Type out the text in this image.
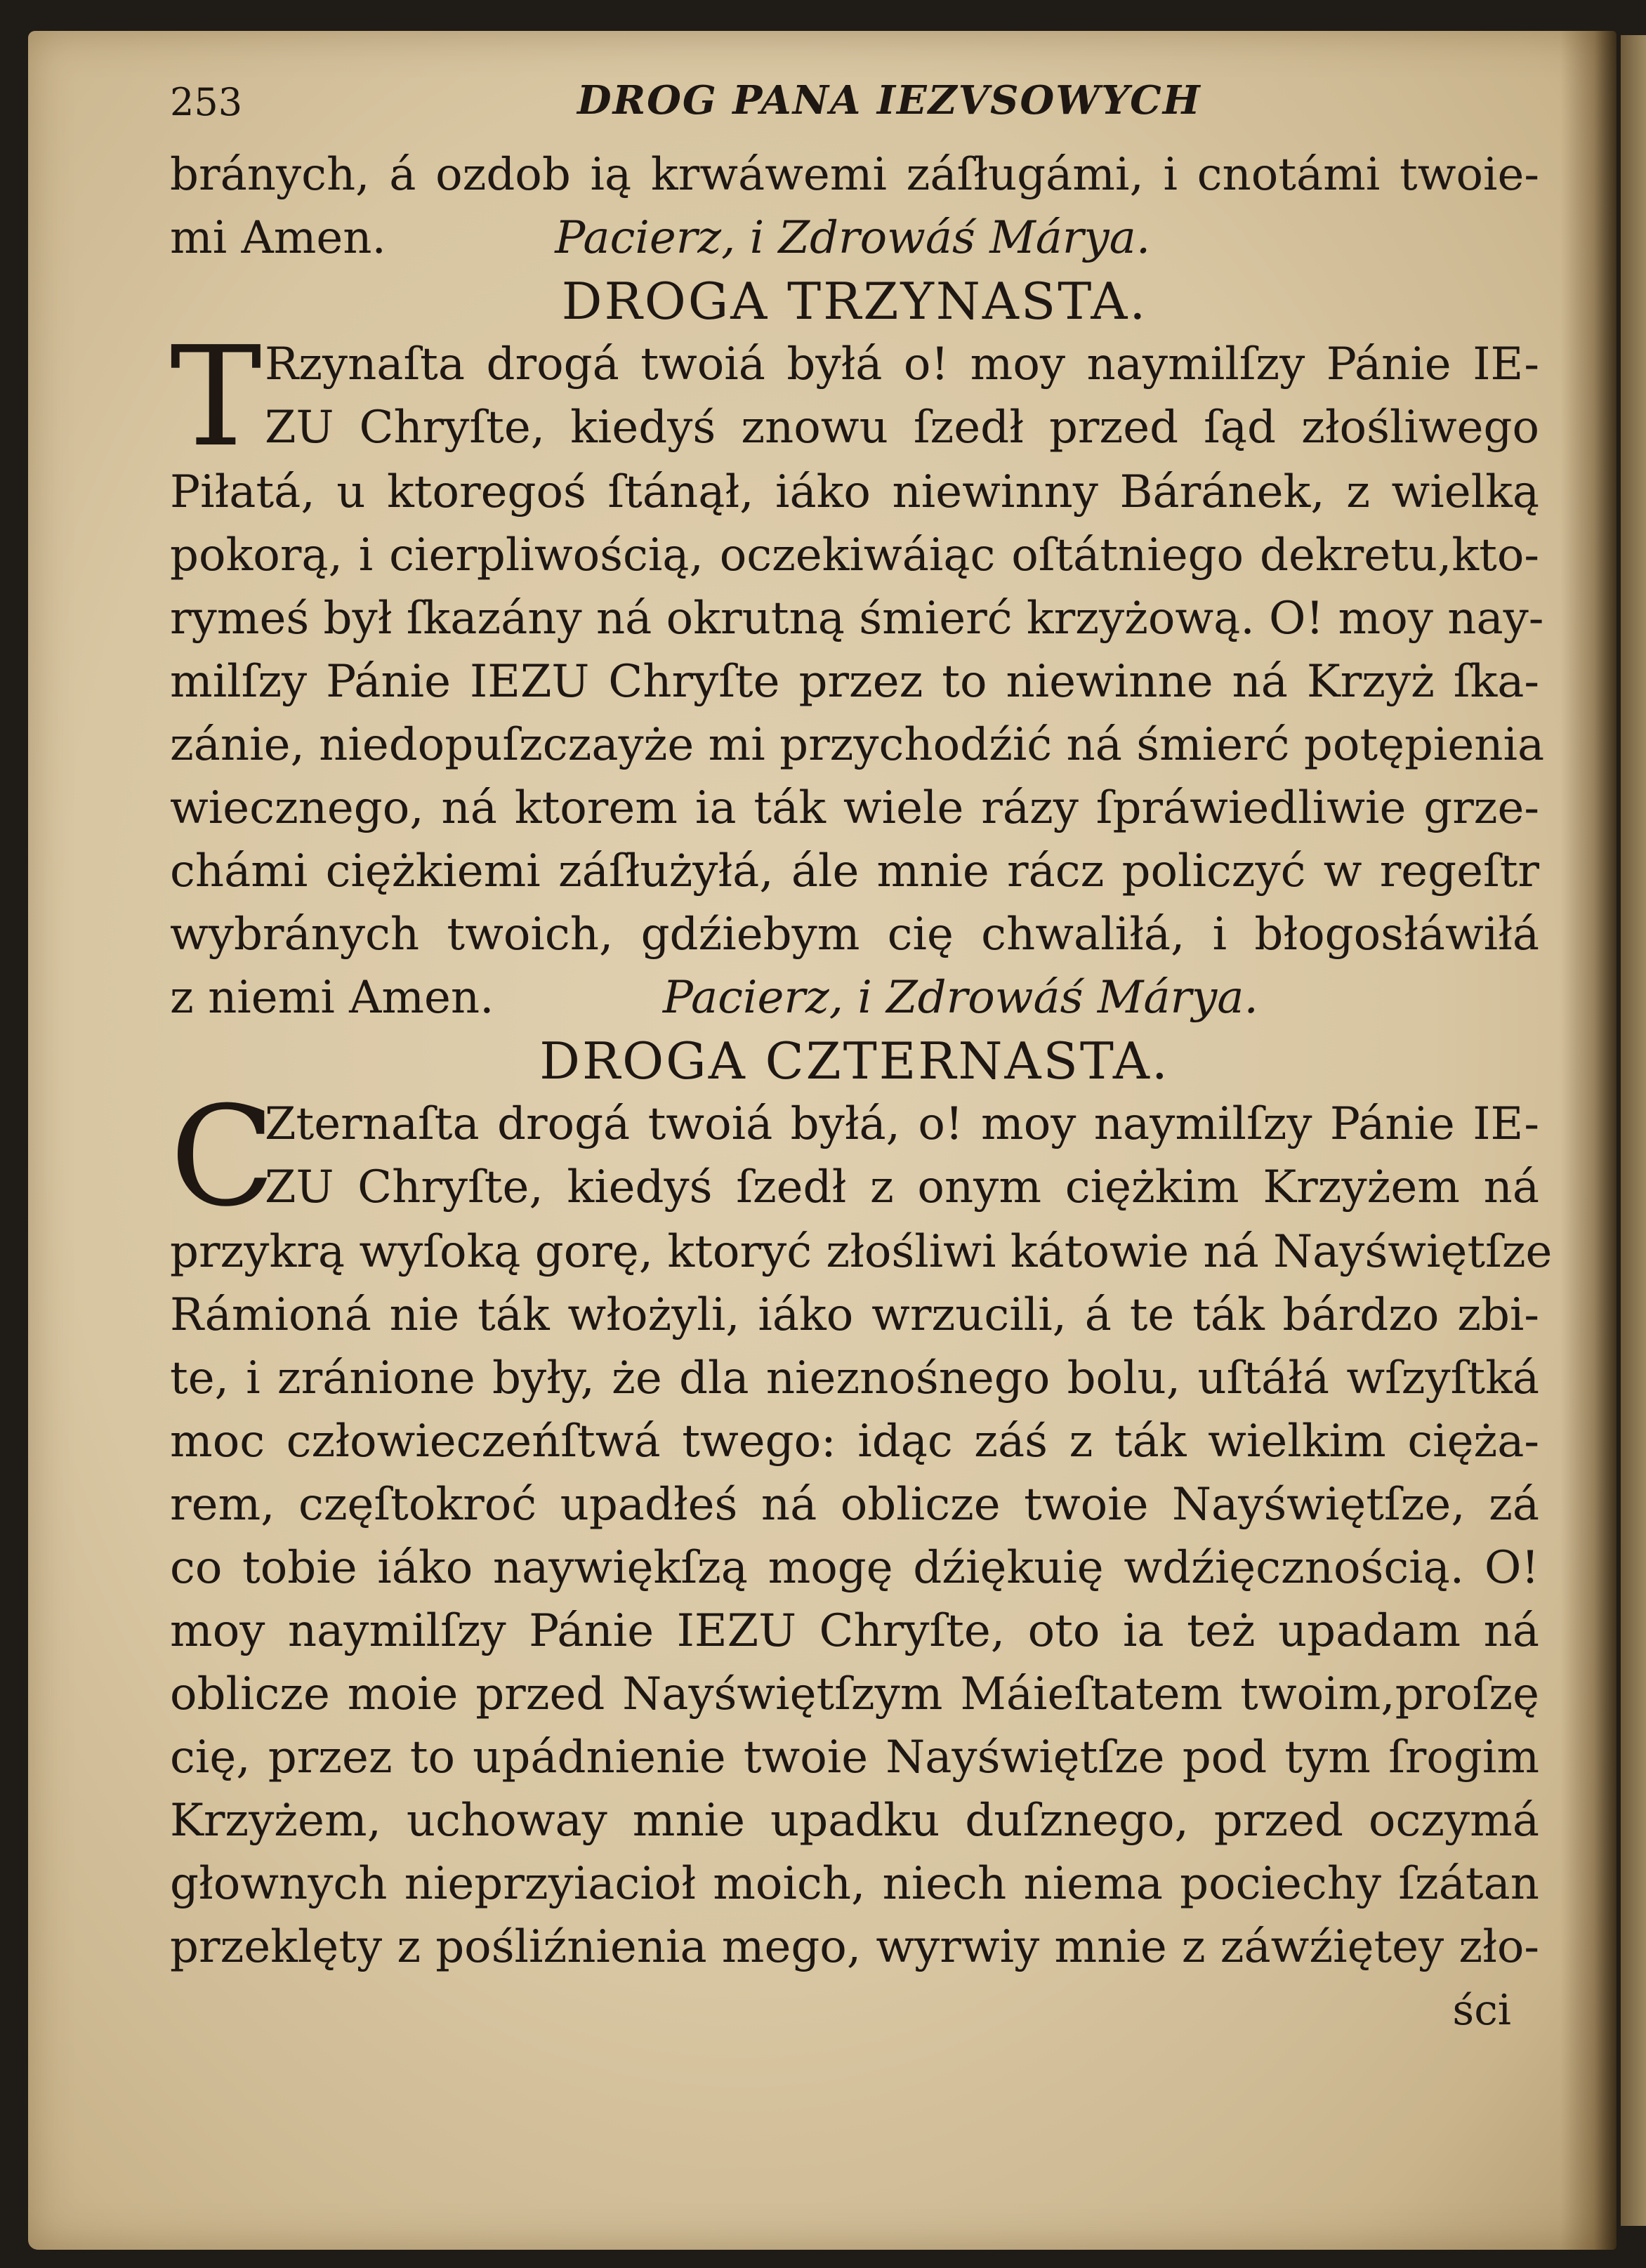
253	DROG PANA IEZVSOWYCH
bránych, á ozdob ią krwáwemi záſługámi, i cnotámi twoie-
mi Amen.	Pacierz, i Zdrowáś Márya.
DROGA TRZYNASTA.
T Rzynaſta drogá twoiá byłá o! moy naymilſzy Pánie IE-
ZU Chryſte, kiedyś znowu ſzedł przed ſąd złośliwego
Piłatá, u ktoregoś ſtánął, iáko niewinny Báránek, z wielką
pokorą, i cierpliwością, oczekiwáiąc oſtátniego dekretu,kto-
rymeś był ſkazány ná okrutną śmierć krzyżową. O! moy nay-
milſzy Pánie IEZU Chryſte przez to niewinne ná Krzyż ſka-
zánie, niedopuſzczayże mi przychodźić ná śmierć potępienia
wiecznego, ná ktorem ia ták wiele rázy ſpráwiedliwie grze-
chámi ciężkiemi záſłużyłá, ále mnie rácz policzyć w regeſtr
wybránych twoich, gdźiebym cię chwaliłá, i błogosłáwiłá
z niemi Amen.	Pacierz, i Zdrowáś Márya.
DROGA CZTERNASTA.
C
Zternaſta drogá twoiá byłá, o! moy naymilſzy Pánie IE-
ZU Chryſte, kiedyś ſzedł z onym ciężkim Krzyżem ná
przykrą wyſoką gorę, ktoryć złośliwi kátowie ná Nayświętſze
Rámioná nie ták włożyli, iáko wrzucili, á te ták bárdzo zbi-
te, i zránione były, że dla nieznośnego bolu, uſtáłá wſzyſtká
moc człowieczeńſtwá twego: idąc záś z ták wielkim cięża-
rem, częſtokroć upadłeś ná oblicze twoie Nayświętſze, zá
co tobie iáko naywiękſzą mogę dźiękuię wdźięcznością. O!
moy naymilſzy Pánie IEZU Chryſte, oto ia też upadam ná
oblicze moie przed Nayświętſzym Máieſtatem twoim,proſzę
cię, przez to upádnienie twoie Nayświętſze pod tym ſrogim
Krzyżem, uchoway mnie upadku duſznego, przed oczymá
głownych nieprzyiacioł moich, niech niema pociechy ſzátan
przeklęty z pośliźnienia mego, wyrwiy mnie z záwźiętey zło-
ści
